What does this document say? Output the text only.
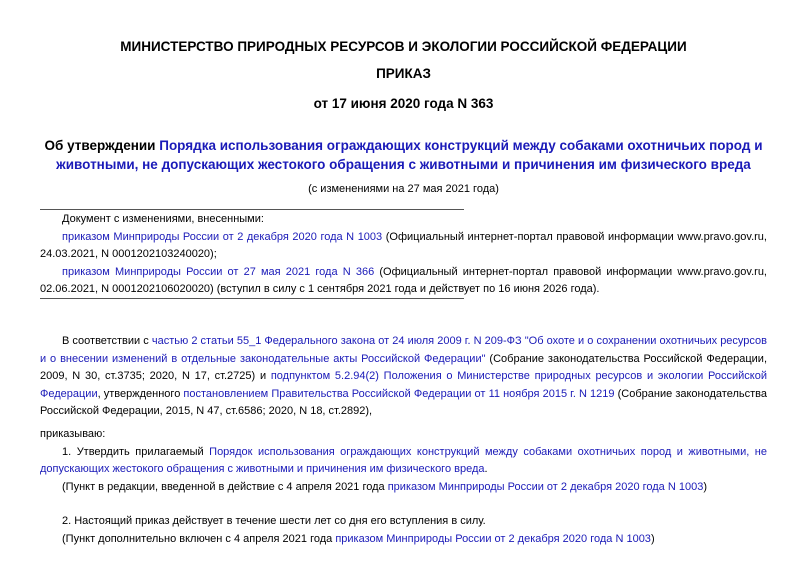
МИНИСТЕРСТВО ПРИРОДНЫХ РЕСУРСОВ И ЭКОЛОГИИ РОССИЙСКОЙ ФЕДЕРАЦИИ
ПРИКАЗ
от 17 июня 2020 года N 363
Об утверждении Порядка использования ограждающих конструкций между собаками охотничьих пород и животными, не допускающих жестокого обращения с животными и причинения им физического вреда
(с изменениями на 27 мая 2021 года)
Документ с изменениями, внесенными:
приказом Минприроды России от 2 декабря 2020 года N 1003 (Официальный интернет-портал правовой информации www.pravo.gov.ru, 24.03.2021, N 0001202103240020);
приказом Минприроды России от 27 мая 2021 года N 366 (Официальный интернет-портал правовой информации www.pravo.gov.ru, 02.06.2021, N 0001202106020020) (вступил в силу с 1 сентября 2021 года и действует по 16 июня 2026 года).
В соответствии с частью 2 статьи 55_1 Федерального закона от 24 июля 2009 г. N 209-ФЗ "Об охоте и о сохранении охотничьих ресурсов и о внесении изменений в отдельные законодательные акты Российской Федерации" (Собрание законодательства Российской Федерации, 2009, N 30, ст.3735; 2020, N 17, ст.2725) и подпунктом 5.2.94(2) Положения о Министерстве природных ресурсов и экологии Российской Федерации, утвержденного постановлением Правительства Российской Федерации от 11 ноября 2015 г. N 1219 (Собрание законодательства Российской Федерации, 2015, N 47, ст.6586; 2020, N 18, ст.2892),
приказываю:
1. Утвердить прилагаемый Порядок использования ограждающих конструкций между собаками охотничьих пород и животными, не допускающих жестокого обращения с животными и причинения им физического вреда.
(Пункт в редакции, введенной в действие с 4 апреля 2021 года приказом Минприроды России от 2 декабря 2020 года N 1003)
2. Настоящий приказ действует в течение шести лет со дня его вступления в силу.
(Пункт дополнительно включен с 4 апреля 2021 года приказом Минприроды России от 2 декабря 2020 года N 1003)
